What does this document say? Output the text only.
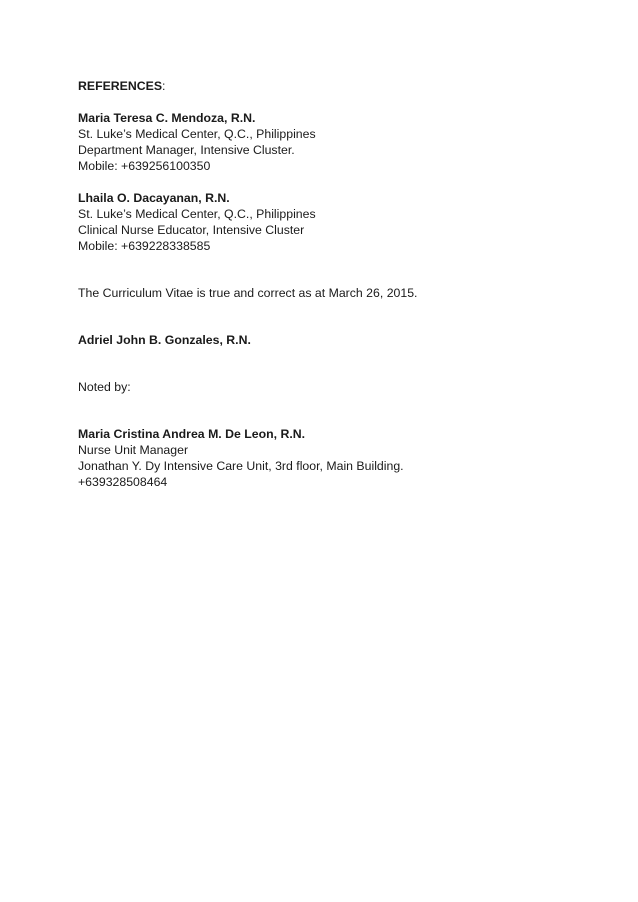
REFERENCES:
Maria Teresa C. Mendoza, R.N.
St. Luke’s Medical Center, Q.C., Philippines
Department Manager, Intensive Cluster.
Mobile: +639256100350
Lhaila O. Dacayanan, R.N.
St. Luke’s Medical Center, Q.C., Philippines
Clinical Nurse Educator, Intensive Cluster
Mobile: +639228338585
The Curriculum Vitae is true and correct as at March 26, 2015.
Adriel John B. Gonzales, R.N.
Noted by:
Maria Cristina Andrea M. De Leon, R.N.
Nurse Unit Manager
Jonathan Y. Dy Intensive Care Unit, 3rd floor, Main Building.
+639328508464
